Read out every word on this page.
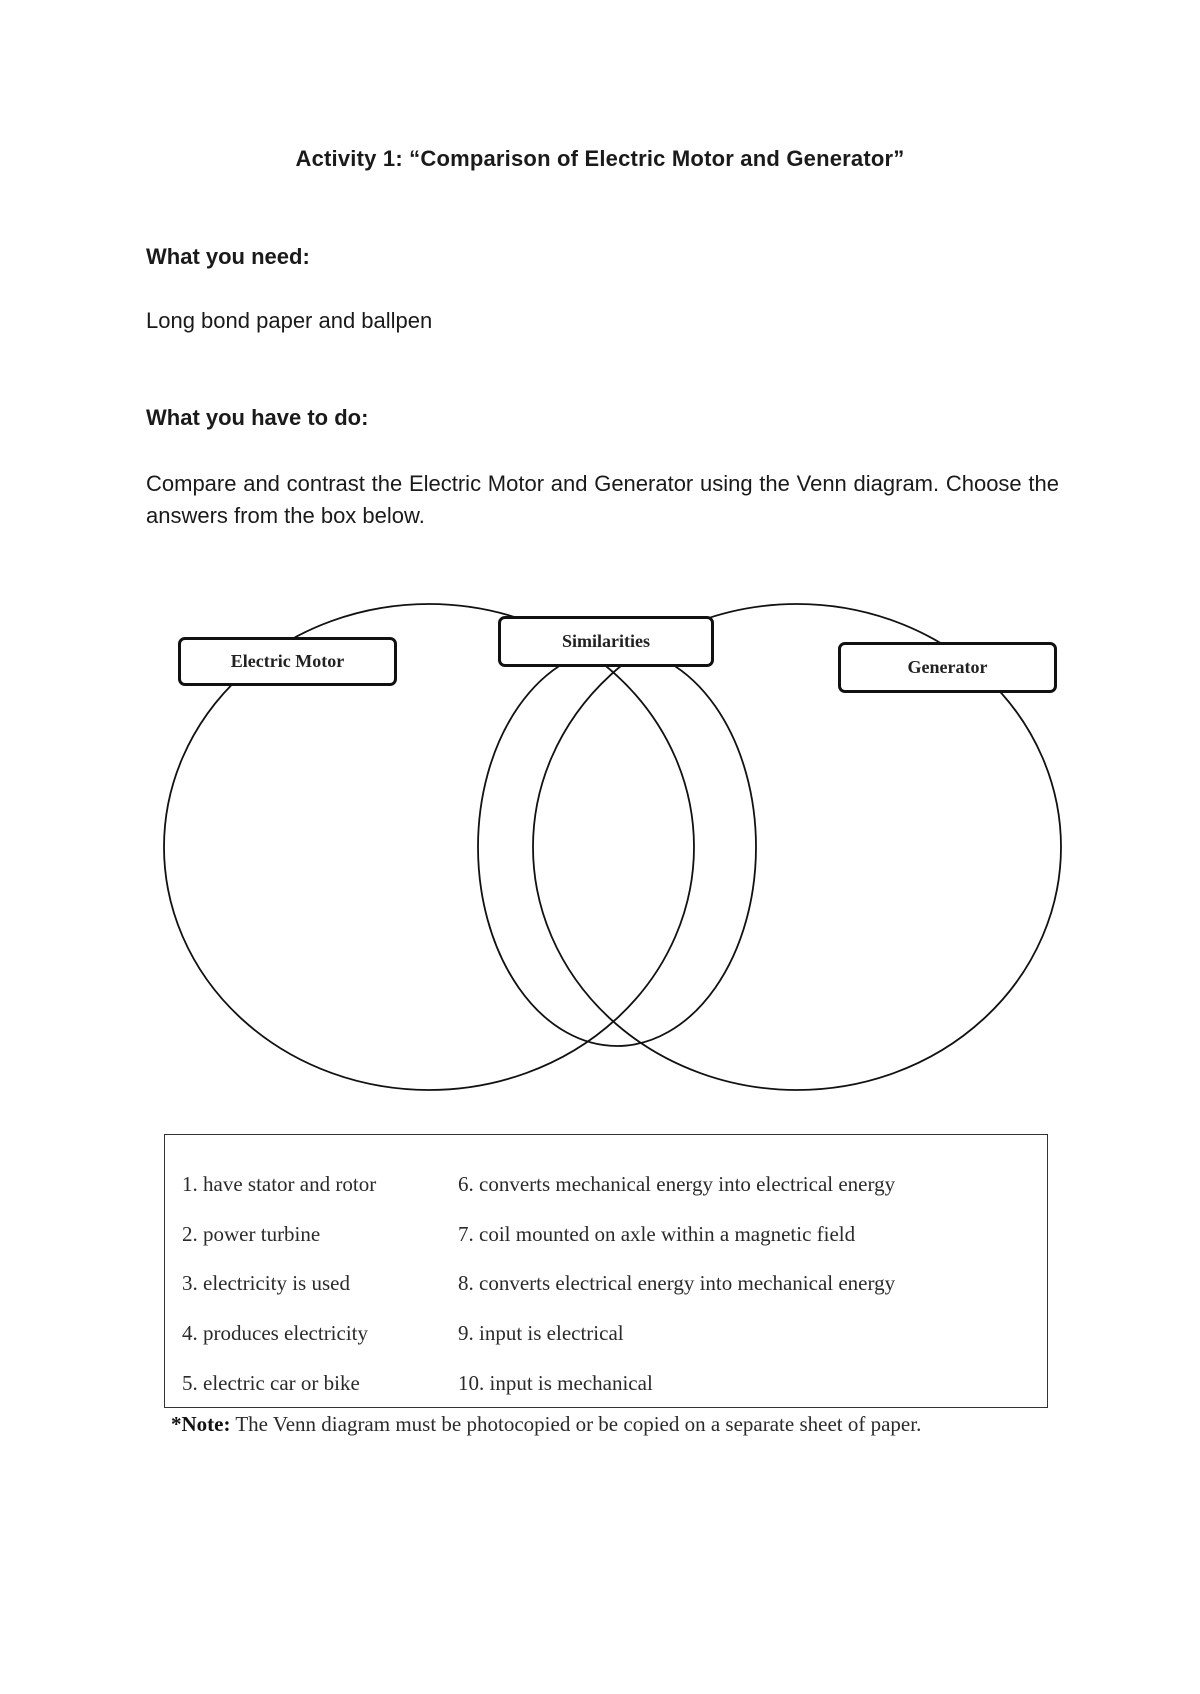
Activity 1: “Comparison of Electric Motor and Generator”
What you need:
Long bond paper and ballpen
What you have to do:
Compare and contrast the Electric Motor and Generator using the Venn diagram. Choose the answers from the box below.
Electric Motor
Similarities
Generator
1. have stator and rotor
2. power turbine
3. electricity is used
4. produces electricity
5. electric car or bike
6. converts mechanical energy into electrical energy
7. coil mounted on axle within a magnetic field
8. converts electrical energy into mechanical energy
9. input is electrical
10. input is mechanical
*Note: The Venn diagram must be photocopied or be copied on a separate sheet of paper.
